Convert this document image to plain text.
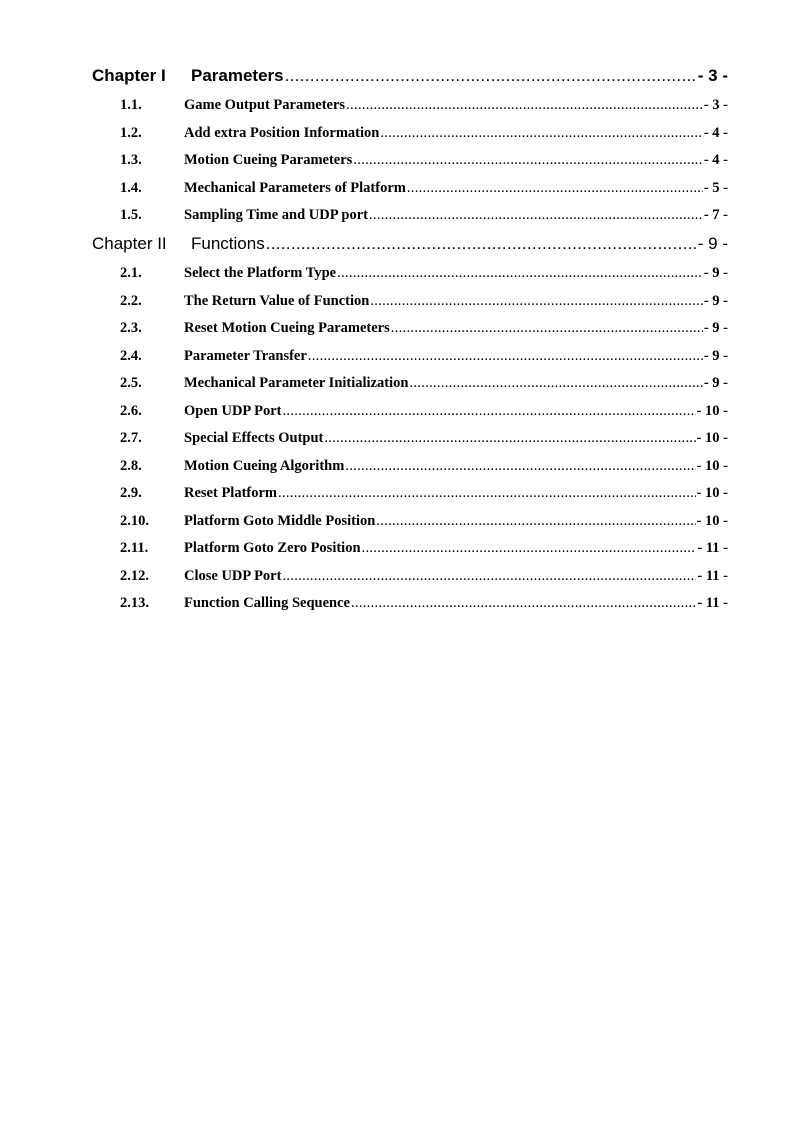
Chapter I Parameters .....	- 3 -
1.1.	Game Output Parameters .....	- 3 -
1.2.	Add extra Position Information .....	- 4 -
1.3.	Motion Cueing Parameters .....	- 4 -
1.4.	Mechanical Parameters of Platform .....	- 5 -
1.5.	Sampling Time and UDP port .....	- 7 -
Chapter II Functions .....	- 9 -
2.1.	Select the Platform Type .....	- 9 -
2.2.	The Return Value of Function .....	- 9 -
2.3.	Reset Motion Cueing Parameters .....	- 9 -
2.4.	Parameter Transfer .....	- 9 -
2.5.	Mechanical Parameter Initialization .....	- 9 -
2.6.	Open UDP Port .....	- 10 -
2.7.	Special Effects Output .....	- 10 -
2.8.	Motion Cueing Algorithm .....	- 10 -
2.9.	Reset Platform .....	- 10 -
2.10. Platform Goto Middle Position .....	- 10 -
2.11. Platform Goto Zero Position .....	- 11 -
2.12. Close UDP Port .....	- 11 -
2.13. Function Calling Sequence .....	- 11 -
